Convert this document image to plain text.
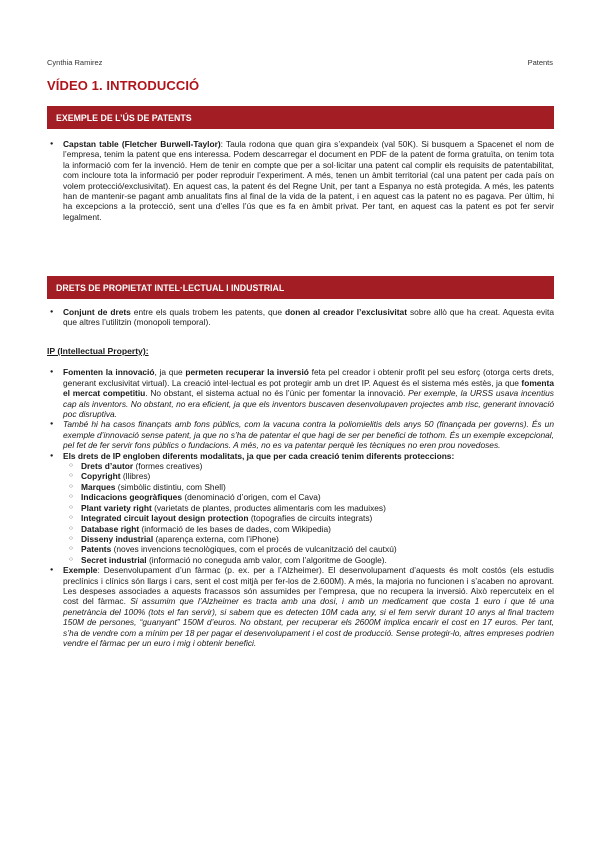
Cynthia Ramirez	Patents
VÍDEO 1. INTRODUCCIÓ
EXEMPLE DE L’ÚS DE PATENTS
● Capstan table (Fletcher Burwell-Taylor): Taula rodona que quan gira s’expandeix (val 50K). Si busquem a Spacenet el nom de l’empresa, tenim la patent que ens interessa. Podem descarregar el document en PDF de la patent de forma gratuïta, on tenim tota la informació com fer la invenció. Hem de tenir en compte que per a sol·licitar una patent cal complir els requisits de patentabilitat, com incloure tota la informació per poder reproduir l’experiment. A més, tenen un àmbit territorial (cal una patent per cada país on volem protecció/exclusivitat). En aquest cas, la patent és del Regne Unit, per tant a Espanya no està protegida. A més, les patents han de mantenir-se pagant amb anualitats fins al final de la vida de la patent, i en aquest cas la patent no es pagava. Per últim, hi ha excepcions a la protecció, sent una d’elles l’ús que es fa en àmbit privat. Per tant, en aquest cas la patent es pot fer servir legalment.
DRETS DE PROPIETAT INTEL·LECTUAL I INDUSTRIAL
● Conjunt de drets entre els quals trobem les patents, que donen al creador l’exclusivitat sobre allò que ha creat. Aquesta evita que altres l’utilitzin (monopoli temporal).
IP (Intellectual Property):
● Fomenten la innovació, ja que permeten recuperar la inversió feta pel creador i obtenir profit pel seu esforç (otorga certs drets, generant exclusivitat virtual). La creació intel·lectual es pot protegir amb un dret IP. Aquest és el sistema més estès, ja que fomenta el mercat competitiu. No obstant, el sistema actual no és l’únic per fomentar la innovació. Per exemple, la URSS usava incentius cap als inventors. No obstant, no era eficient, ja que els inventors buscaven desenvolupaven projectes amb risc, generant innovació poc disruptiva.
● També hi ha casos finançats amb fons públics, com la vacuna contra la poliomielitis dels anys 50 (finançada per governs). És un exemple d’innovació sense patent, ja que no s’ha de patentar el que hagi de ser per benefici de tothom. És un exemple excepcional, pel fet de fer servir fons públics o fundacions. A més, no es va patentar perquè les tècniques no eren prou novedoses.
● Els drets de IP engloben diferents modalitats, ja que per cada creació tenim diferents proteccions:
○ Drets d’autor (formes creatives)
○ Copyright (llibres)
○ Marques (simbòlic distintiu, com Shell)
○ Indicacions geogràfiques (denominació d’origen, com el Cava)
○ Plant variety right (varietats de plantes, productes alimentaris com les maduixes)
○ Integrated circuit layout design protection (topografies de circuits integrats)
○ Database right (informació de les bases de dades, com Wikipedia)
○ Disseny industrial (aparença externa, com l’iPhone)
○ Patents (noves invencions tecnològiques, com el procés de vulcanització del cautxú)
○ Secret industrial (informació no coneguda amb valor, com l’algoritme de Google).
● Exemple: Desenvolupament d’un fàrmac (p. ex. per a l’Alzheimer). El desenvolupament d’aquests és molt costós (els estudis preclínics i clínics són llargs i cars, sent el cost mitjà per fer-los de 2.600M). A més, la majoria no funcionen i s’acaben no aprovant. Les despeses associades a aquests fracassos són assumides per l’empresa, que no recupera la inversió. Això repercuteix en el cost del fàrmac. Si assumim que l’Alzheimer es tracta amb una dosi, i amb un medicament que costa 1 euro i que té una penetrància del 100% (tots el fan servir), si sabem que es detecten 10M cada any, si el fem servir durant 10 anys al final tractem 150M de persones, “guanyant” 150M d’euros. No obstant, per recuperar els 2600M implica encarir el cost en 17 euros. Per tant, s’ha de vendre com a mínim per 18 per pagar el desenvolupament i el cost de producció. Sense protegir-lo, altres empreses podrien vendre el fàrmac per un euro i mig i obtenir benefici.
